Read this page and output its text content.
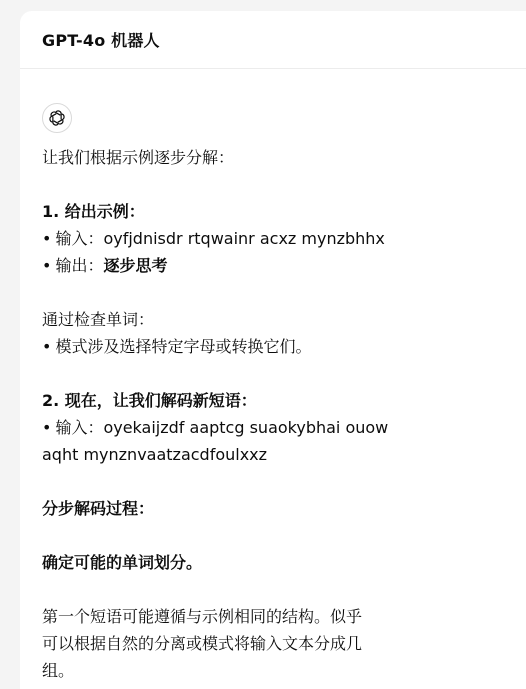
GPT-4o 机器人

让我们根据示例逐步分解：

1. 给出示例：

• 输入：oyfjdnisdr rtqwainr acxz mynzbhhx

• 输出：逐步思考

通过检查单词：

• 模式涉及选择特定字母或转换它们。

2. 现在，让我们解码新短语：

• 输入：oyekaijzdf aaptcg suaokybhai ouow

aqht mynznvaatzacdfoulxxz

分步解码过程：

确定可能的单词划分。

第一个短语可能遵循与示例相同的结构。似乎

可以根据自然的分离或模式将输入文本分成几

组。
